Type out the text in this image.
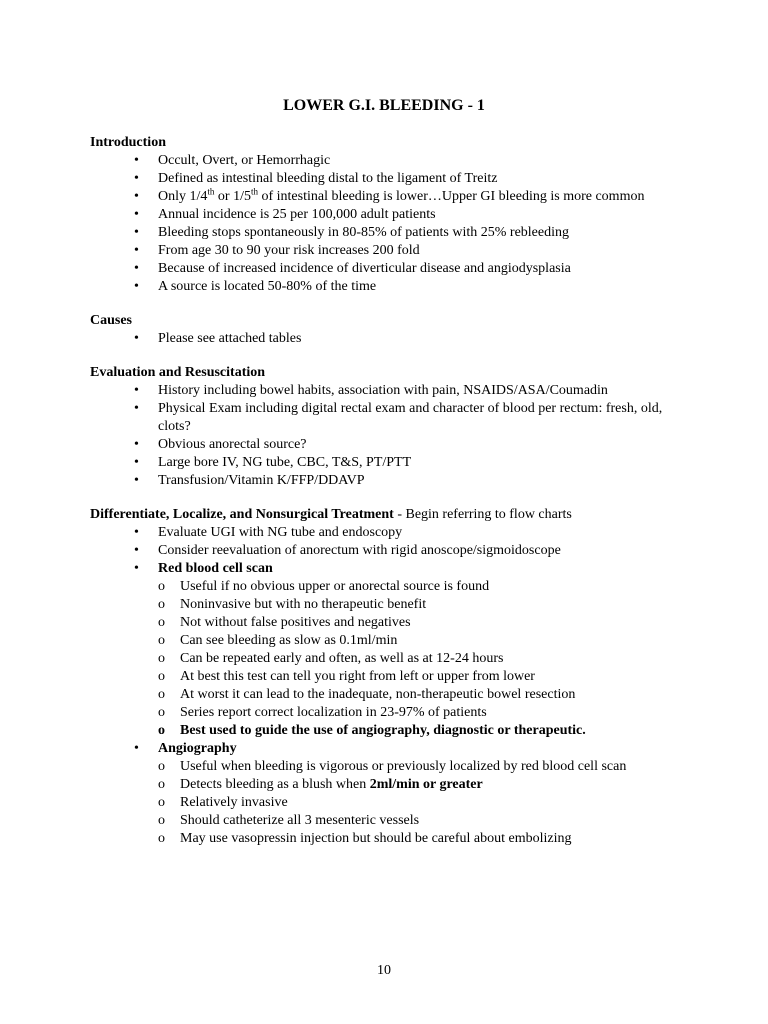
LOWER G.I. BLEEDING - 1
Introduction
• Occult, Overt, or Hemorrhagic
• Defined as intestinal bleeding distal to the ligament of Treitz
• Only 1/4th or 1/5th of intestinal bleeding is lower…Upper GI bleeding is more common
• Annual incidence is 25 per 100,000 adult patients
• Bleeding stops spontaneously in 80-85% of patients with 25% rebleeding
• From age 30 to 90 your risk increases 200 fold
• Because of increased incidence of diverticular disease and angiodysplasia
• A source is located 50-80% of the time
Causes
• Please see attached tables
Evaluation and Resuscitation
• History including bowel habits, association with pain, NSAIDS/ASA/Coumadin
• Physical Exam including digital rectal exam and character of blood per rectum: fresh, old, clots?
• Obvious anorectal source?
• Large bore IV, NG tube, CBC, T&S, PT/PTT
• Transfusion/Vitamin K/FFP/DDAVP
Differentiate, Localize, and Nonsurgical Treatment - Begin referring to flow charts
• Evaluate UGI with NG tube and endoscopy
• Consider reevaluation of anorectum with rigid anoscope/sigmoidoscope
• Red blood cell scan
o Useful if no obvious upper or anorectal source is found
o Noninvasive but with no therapeutic benefit
o Not without false positives and negatives
o Can see bleeding as slow as 0.1ml/min
o Can be repeated early and often, as well as at 12-24 hours
o At best this test can tell you right from left or upper from lower
o At worst it can lead to the inadequate, non-therapeutic bowel resection
o Series report correct localization in 23-97% of patients
o Best used to guide the use of angiography, diagnostic or therapeutic.
• Angiography
o Useful when bleeding is vigorous or previously localized by red blood cell scan
o Detects bleeding as a blush when 2ml/min or greater
o Relatively invasive
o Should catheterize all 3 mesenteric vessels
o May use vasopressin injection but should be careful about embolizing
10
